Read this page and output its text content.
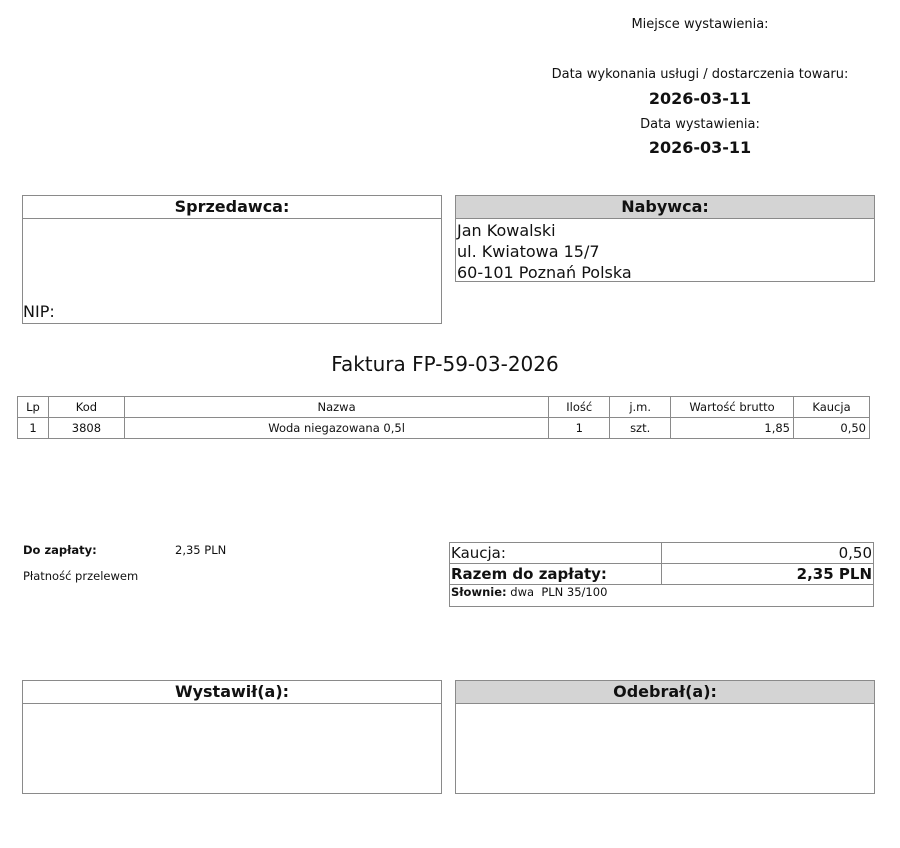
Miejsce wystawienia:
Data wykonania usługi / dostarczenia towaru:
2026-03-11
Data wystawienia:
2026-03-11
Sprzedawca:
NIP:
Nabywca:
Jan Kowalski
ul. Kwiatowa 15/7
60-101 Poznań Polska
Faktura FP-59-03-2026
Lp	Kod	Nazwa	Ilość	j.m.	Wartość brutto	Kaucja
1	3808	Woda niegazowana 0,5l	1	szt.	1,85	0,50
Do zapłaty:	2,35 PLN
Płatność przelewem
Kaucja:	0,50
Razem do zapłaty:	2,35 PLN
Słownie: dwa  PLN 35/100	
Wystawił(a):	Odebrał(a):
